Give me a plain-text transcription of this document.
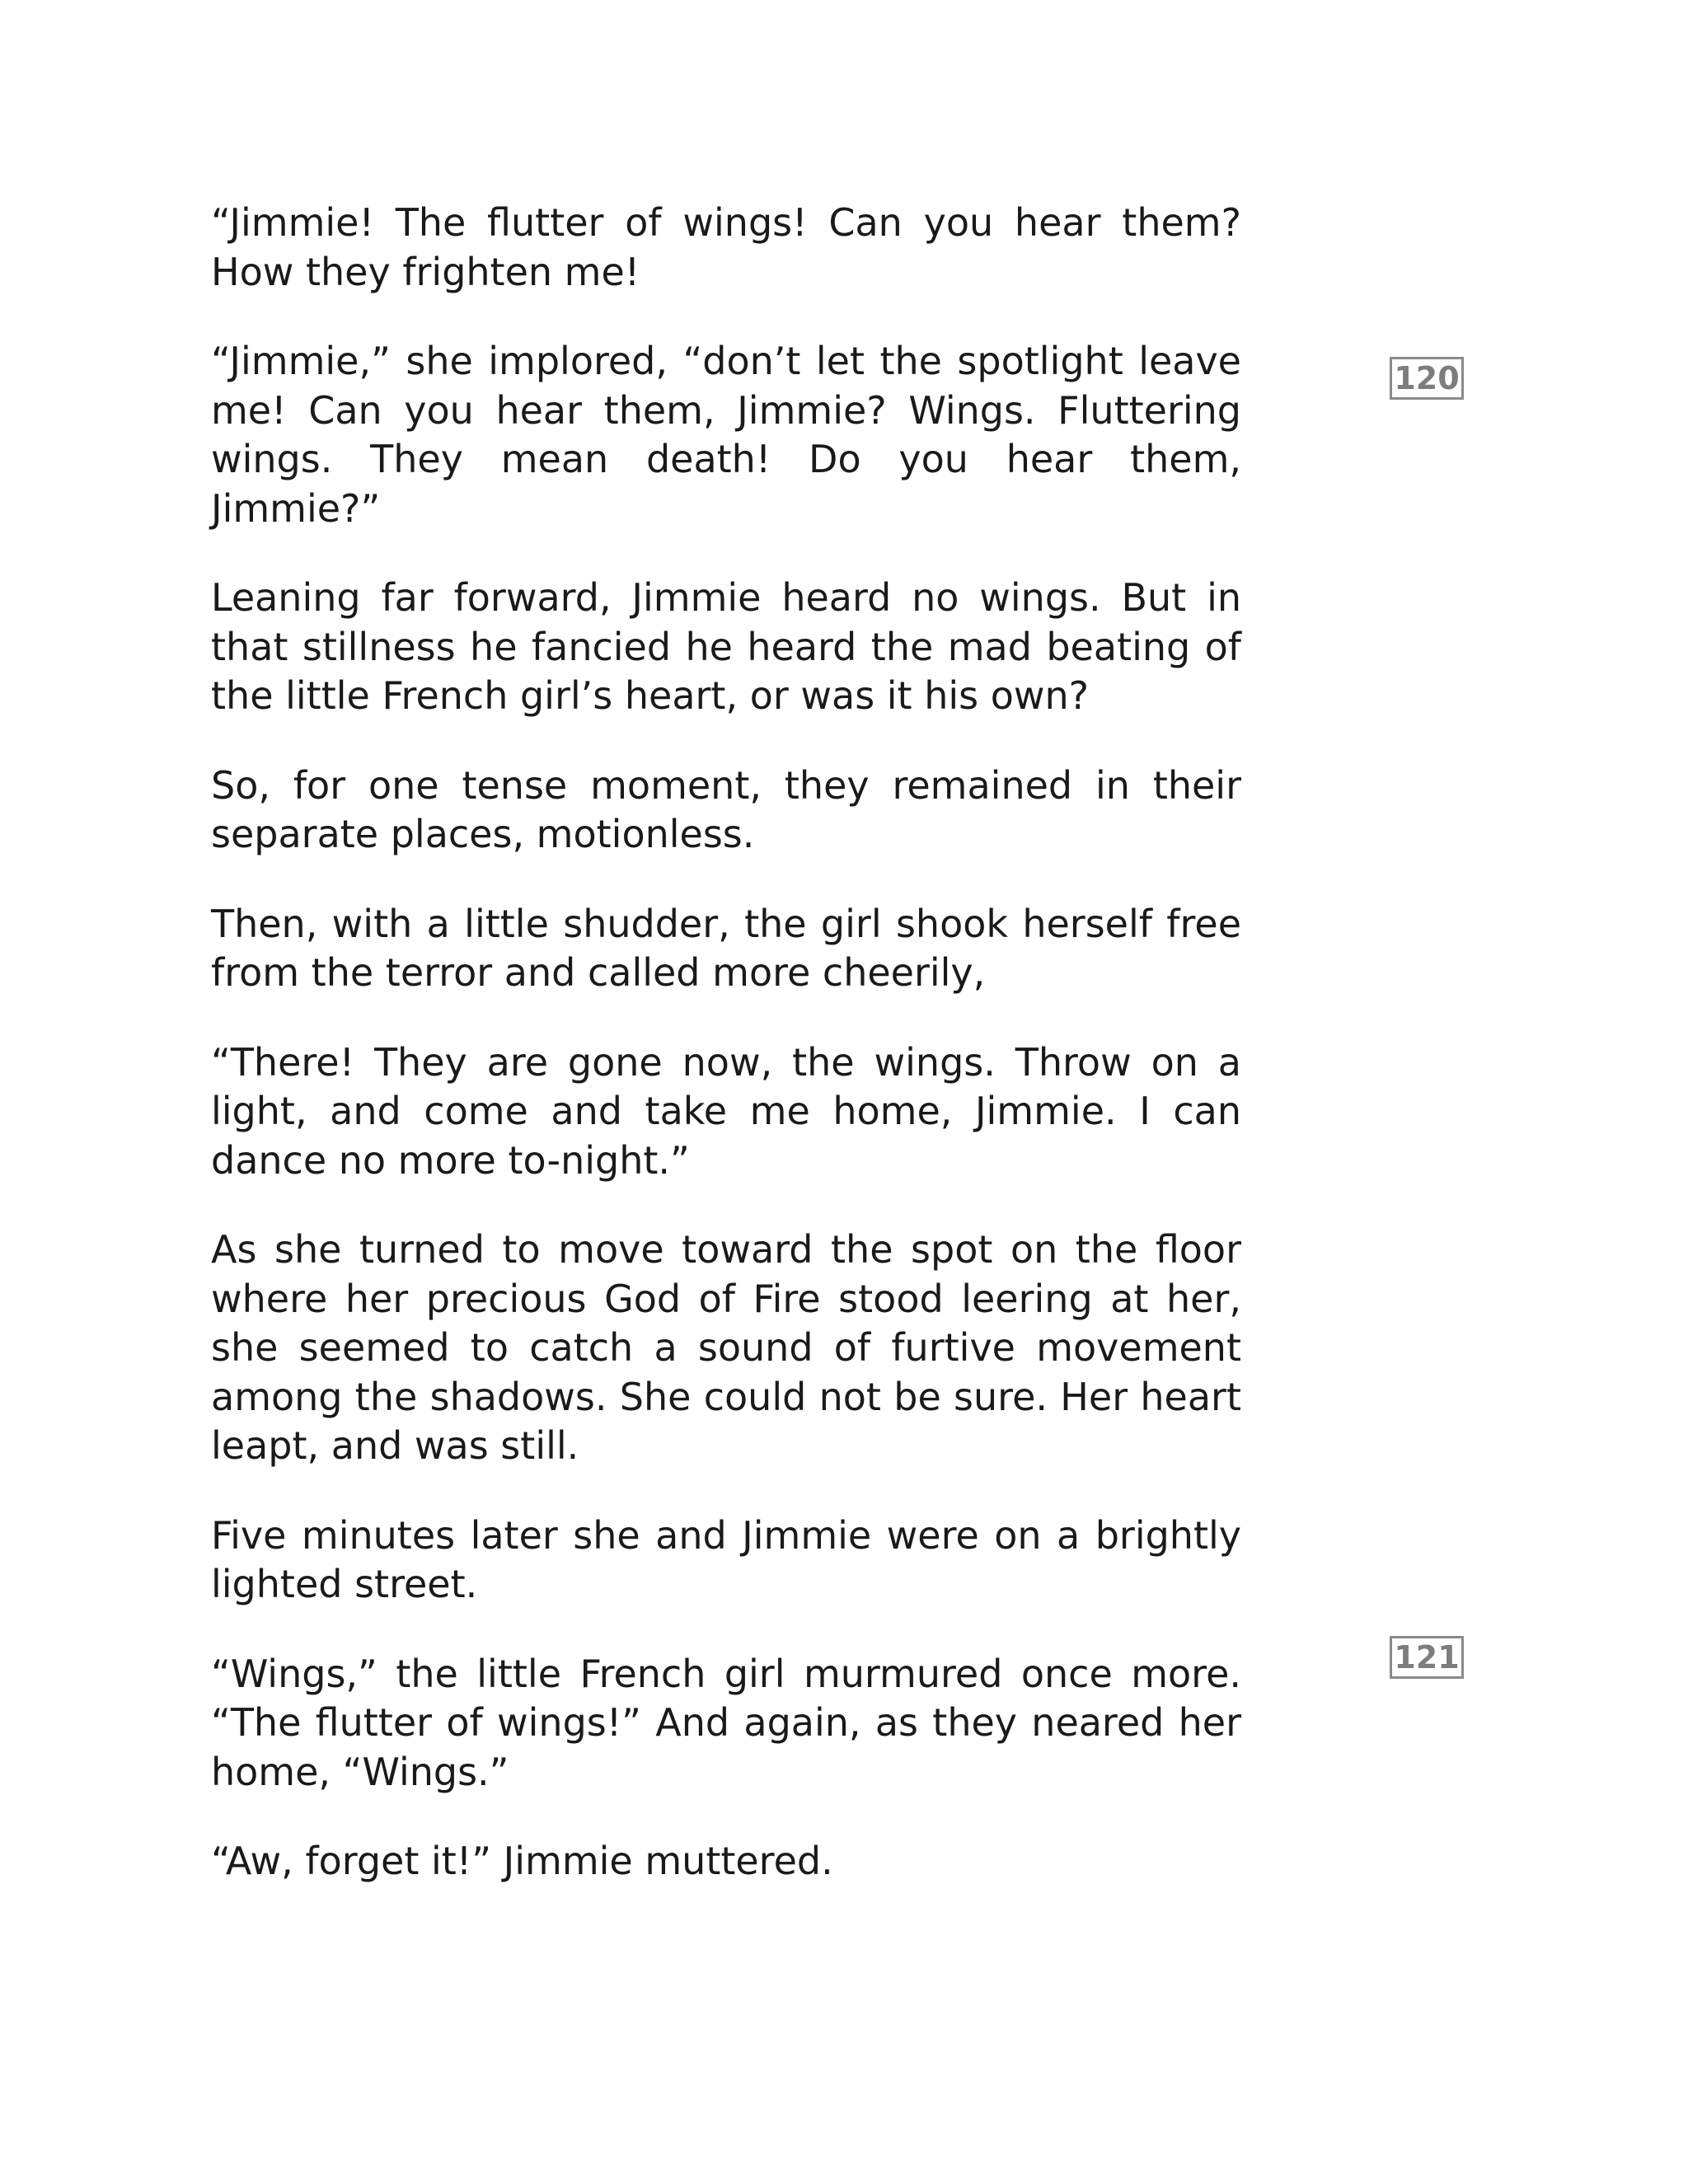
“Jimmie! The flutter of wings! Can you hear them? How they frighten me!

“Jimmie,” she implored, “don’t let the spotlight leave me! Can you hear them, Jimmie? Wings. Fluttering wings. They mean death! Do you hear them, Jimmie?”

Leaning far forward, Jimmie heard no wings. But in that stillness he fancied he heard the mad beating of the little French girl’s heart, or was it his own?

So, for one tense moment, they remained in their separate places, motionless.

Then, with a little shudder, the girl shook herself free from the terror and called more cheerily,

“There! They are gone now, the wings. Throw on a light, and come and take me home, Jimmie. I can dance no more to-night.”

As she turned to move toward the spot on the floor where her precious God of Fire stood leering at her, she seemed to catch a sound of furtive movement among the shadows. She could not be sure. Her heart leapt, and was still.

Five minutes later she and Jimmie were on a brightly lighted street.

“Wings,” the little French girl murmured once more. “The flutter of wings!” And again, as they neared her home, “Wings.”

“Aw, forget it!” Jimmie muttered.

120
121
